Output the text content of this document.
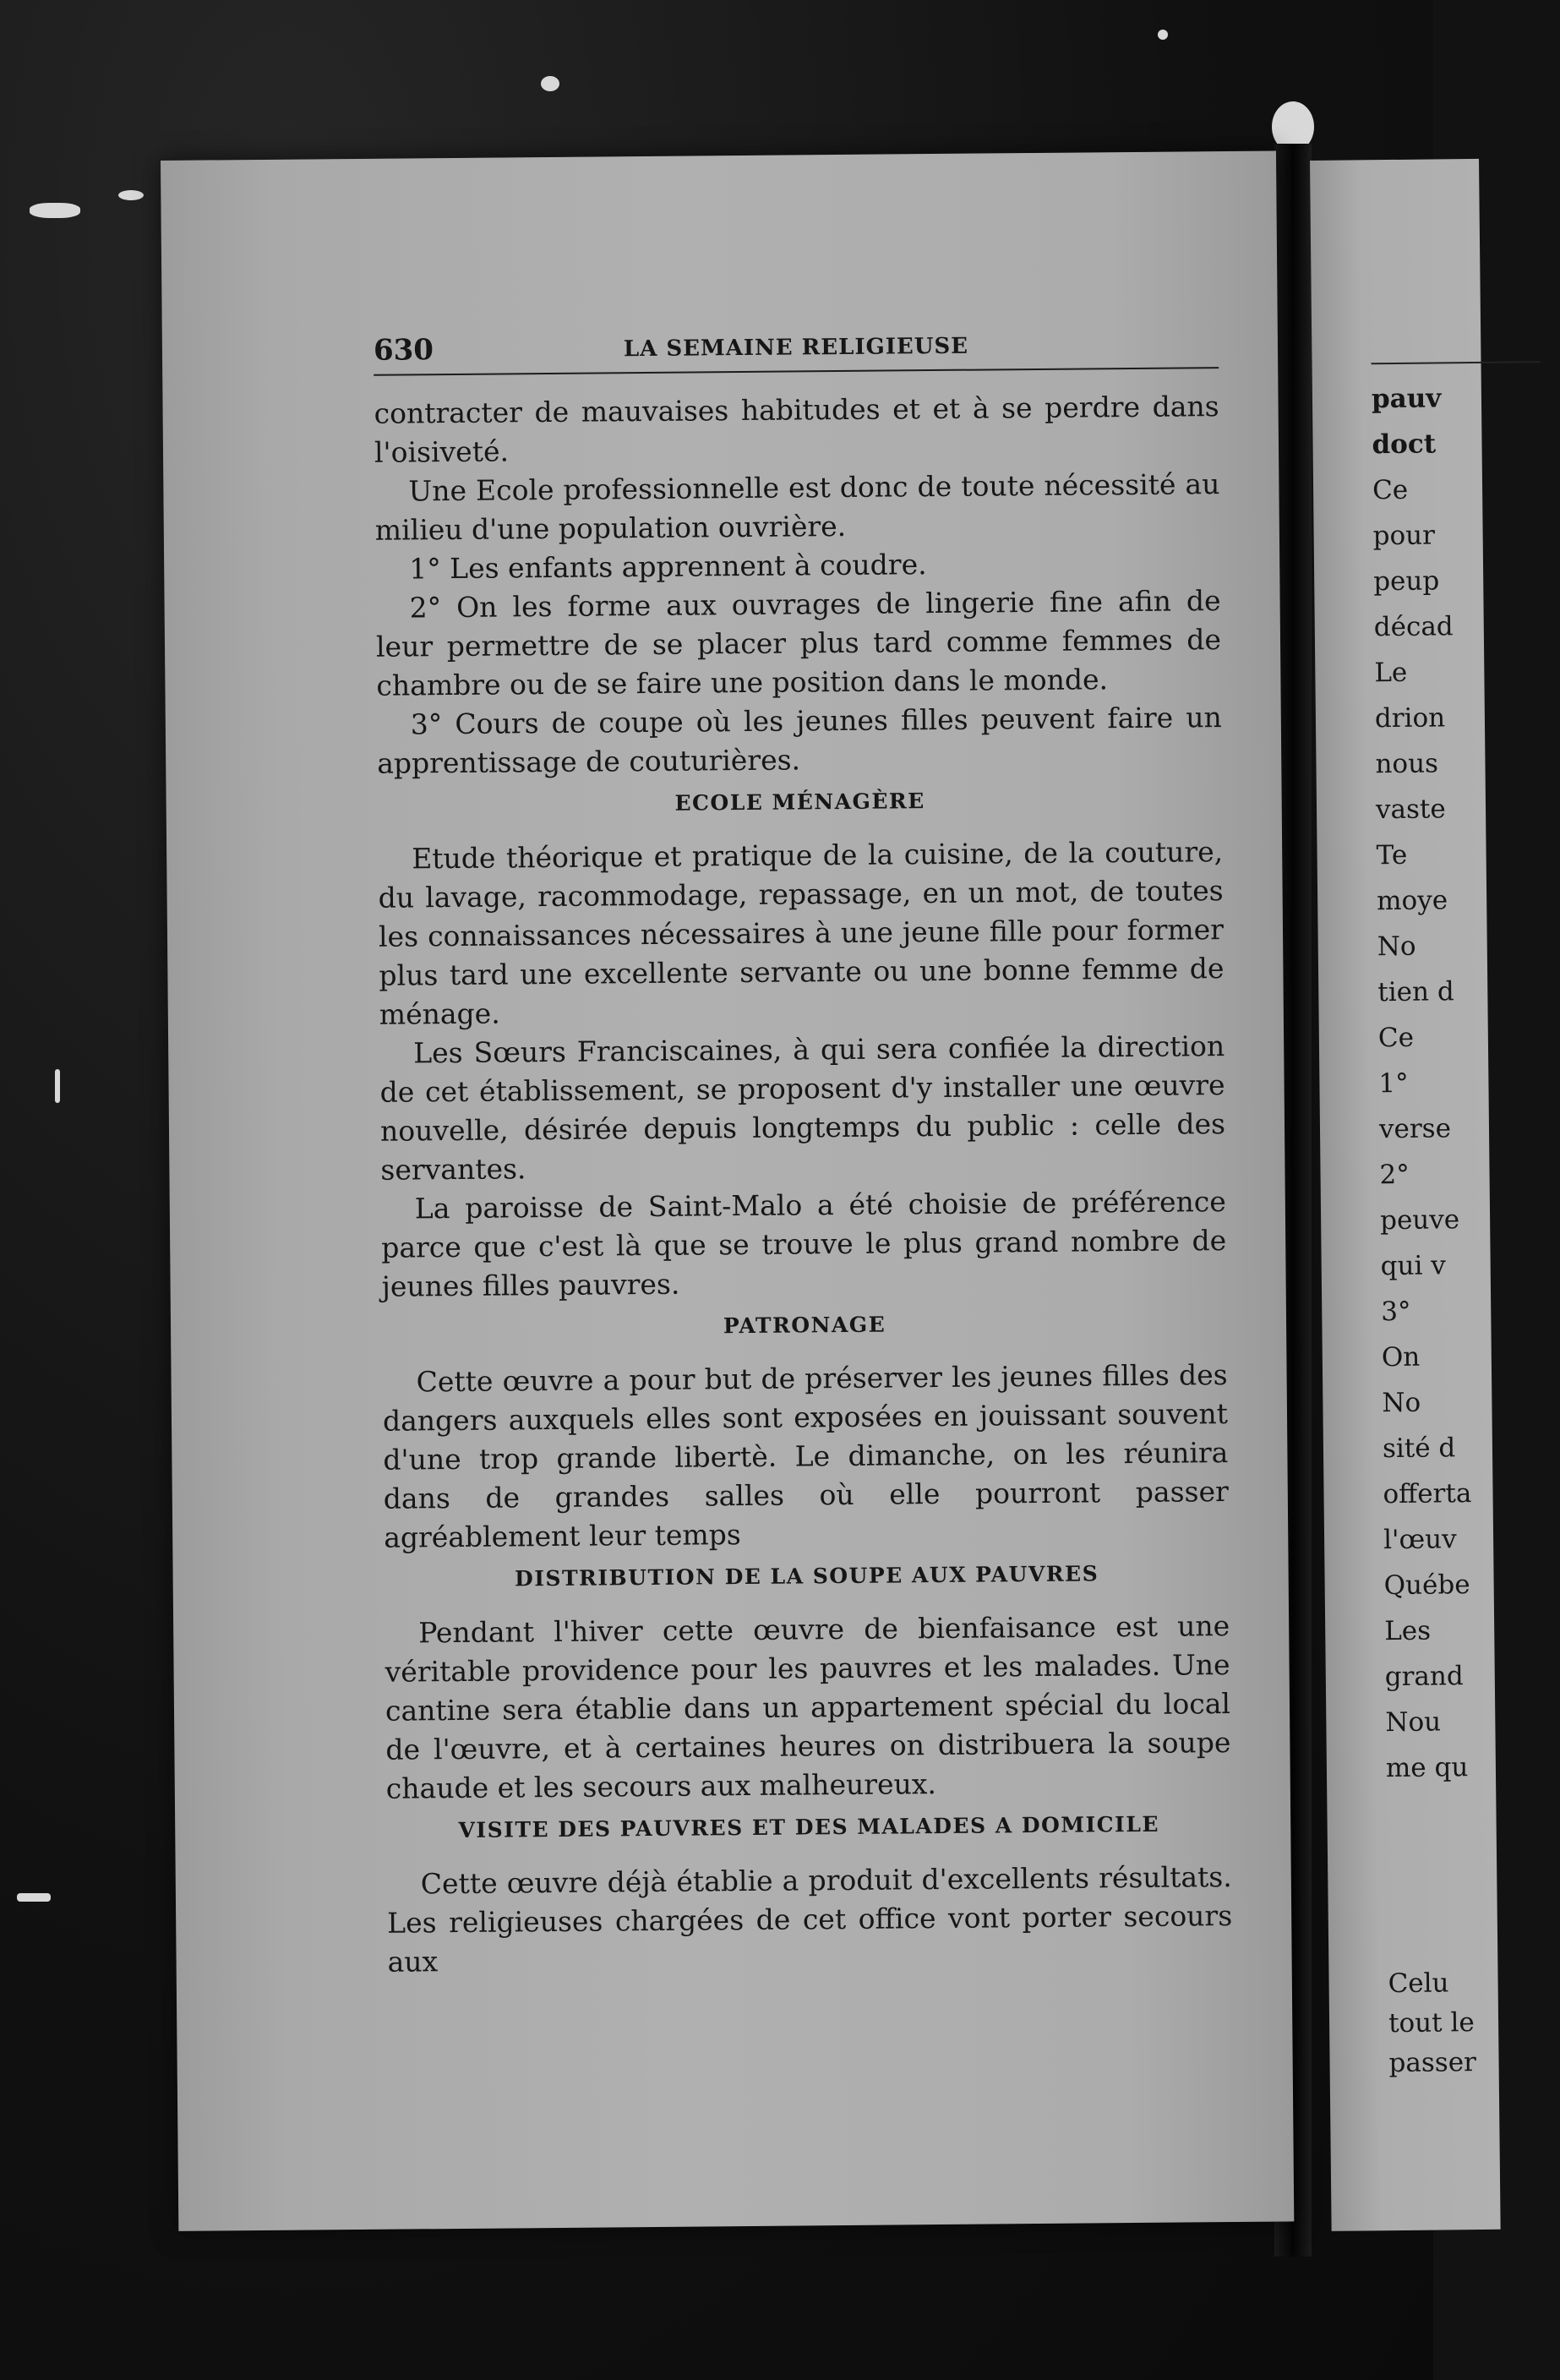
630	LA SEMAINE RELIGIEUSE

contracter de mauvaises habitudes et et à se perdre dans l'oisiveté.

Une Ecole professionnelle est donc de toute nécessité au milieu d'une population ouvrière.

1° Les enfants apprennent à coudre.

2° On les forme aux ouvrages de lingerie fine afin de leur permettre de se placer plus tard comme femmes de chambre ou de se faire une position dans le monde.

3° Cours de coupe où les jeunes filles peuvent faire un apprentissage de couturières.

ECOLE MÉNAGÈRE

Etude théorique et pratique de la cuisine, de la couture, du lavage, racommodage, repassage, en un mot, de toutes les connaissances nécessaires à une jeune fille pour former plus tard une excellente servante ou une bonne femme de ménage.

Les Sœurs Franciscaines, à qui sera confiée la direction de cet établissement, se proposent d'y installer une œuvre nouvelle, désirée depuis longtemps du public : celle des servantes.

La paroisse de Saint-Malo a été choisie de préférence parce que c'est là que se trouve le plus grand nombre de jeunes filles pauvres.

PATRONAGE

Cette œuvre a pour but de préserver les jeunes filles des dangers auxquels elles sont exposées en jouissant souvent d'une trop grande libertè. Le dimanche, on les réunira dans de grandes salles où elle pourront passer agréablement leur temps

DISTRIBUTION DE LA SOUPE AUX PAUVRES

Pendant l'hiver cette œuvre de bienfaisance est une véritable providence pour les pauvres et les malades. Une cantine sera établie dans un appartement spécial du local de l'œuvre, et à certaines heures on distribuera la soupe chaude et les secours aux malheureux.

VISITE DES PAUVRES ET DES MALADES A DOMICILE

Cette œuvre déjà établie a produit d'excellents résultats. Les religieuses chargées de cet office vont porter secours aux

pauv
doct
Ce
pour
peup
décad
Le
drion
nous
vaste
Te
moye
No
tien d
Ce
1°
verse
2°
peuve
qui v
3°
On
No
sité d
offerta
l'œuv
Québe
Les
grand
Nou
me qu
Celu
tout le
passer
